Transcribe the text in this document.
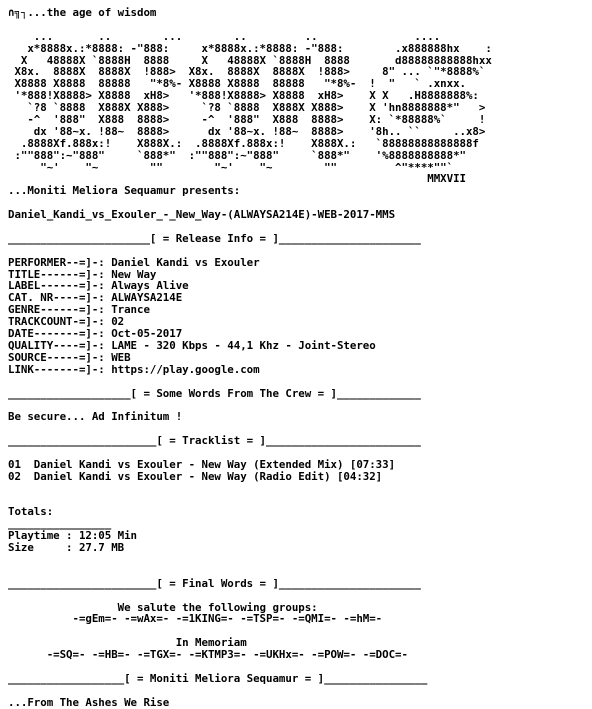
∩╗┐...the age of wisdom
...       ..        ...        ..         ..               ....
x*8888x.:*8888: -"888:     x*8888x.:*8888: -"888:        .x888888hx    :
X   48888X `8888H  8888     X   48888X `8888H  8888       d88888888888hxx
X8x.  8888X  8888X  !888>  X8x.  8888X  8888X  !888>     8" ... `"*8888%`
X8888 X8888  88888   "*8%- X8888 X8888  88888   "*8%-  !  "   ` .xnxx.
'*888!X8888> X8888  xH8>   '*888!X8888> X8888  xH8>    X X   .H8888888%:
`?8 `8888  X888X X888>     `?8 `8888  X888X X888>    X 'hn8888888*"   >
-^  '888"  X888  8888>     -^  '888"  X888  8888>    X: `*88888%`     !
dx '88~x. !88~  8888>      dx '88~x. !88~  8888>    '8h.. ``     ..x8>
.8888Xf.888x:!    X888X.:  .8888Xf.888x:!    X888X.:   `88888888888888f
:""888":~"888"     `888*"  :""888":~"888"     `888*"    '%8888888888*"
"~'    "~        ""        "~'    "~        ""         ^"****""`
MMXVII
...Moniti Meliora Sequamur presents:
Daniel_Kandi_vs_Exouler_-_New_Way-(ALWAYSA214E)-WEB-2017-MMS
______________________[ = Release Info = ]______________________
PERFORMER--=]-: Daniel Kandi vs Exouler
TITLE------=]-: New Way
LABEL------=]-: Always Alive
CAT. NR----=]-: ALWAYSA214E
GENRE------=]-: Trance
TRACKCOUNT-=]-: 02
DATE-------=]-: Oct-05-2017
QUALITY----=]-: LAME - 320 Kbps - 44,1 Khz - Joint-Stereo
SOURCE-----=]-: WEB
LINK-------=]-: https://play.google.com
___________________[ = Some Words From The Crew = ]_____________
Be secure... Ad Infinitum !
_______________________[ = Tracklist = ]________________________
01  Daniel Kandi vs Exouler - New Way (Extended Mix) [07:33]
02  Daniel Kandi vs Exouler - New Way (Radio Edit) [04:32]
Totals:
________________
Playtime : 12:05 Min
Size     : 27.7 MB
_______________________[ = Final Words = ]______________________
We salute the following groups:
-=gEm=- -=wAx=- -=1KING=- -=TSP=- -=QMI=- -=hM=-
In Memoriam
-=SQ=- -=HB=- -=TGX=- -=KTMP3=- -=UKHx=- -=POW=- -=DOC=-
__________________[ = Moniti Meliora Sequamur = ]________________
...From The Ashes We Rise
